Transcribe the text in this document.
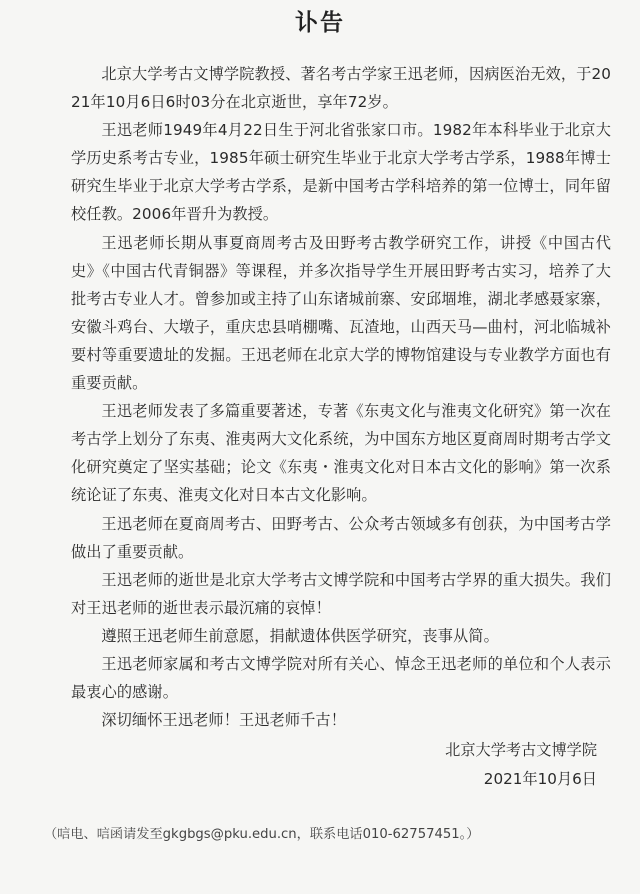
讣告

北京大学考古文博学院教授、著名考古学家王迅老师，因病医治无效，于2021年10月6日6时03分在北京逝世，享年72岁。

王迅老师1949年4月22日生于河北省张家口市。1982年本科毕业于北京大学历史系考古专业，1985年硕士研究生毕业于北京大学考古学系，1988年博士研究生毕业于北京大学考古学系，是新中国考古学科培养的第一位博士，同年留校任教。2006年晋升为教授。

王迅老师长期从事夏商周考古及田野考古教学研究工作，讲授《中国古代史》《中国古代青铜器》等课程，并多次指导学生开展田野考古实习，培养了大批考古专业人才。曾参加或主持了山东诸城前寨、安邱堌堆，湖北孝感聂家寨，安徽斗鸡台、大墩子，重庆忠县哨棚嘴、瓦渣地，山西天马—曲村，河北临城补要村等重要遗址的发掘。王迅老师在北京大学的博物馆建设与专业教学方面也有重要贡献。

王迅老师发表了多篇重要著述，专著《东夷文化与淮夷文化研究》第一次在考古学上划分了东夷、淮夷两大文化系统，为中国东方地区夏商周时期考古学文化研究奠定了坚实基础；论文《东夷・淮夷文化对日本古文化的影响》第一次系统论证了东夷、淮夷文化对日本古文化影响。

王迅老师在夏商周考古、田野考古、公众考古领域多有创获，为中国考古学做出了重要贡献。

王迅老师的逝世是北京大学考古文博学院和中国考古学界的重大损失。我们对王迅老师的逝世表示最沉痛的哀悼！

遵照王迅老师生前意愿，捐献遗体供医学研究，丧事从简。

王迅老师家属和考古文博学院对所有关心、悼念王迅老师的单位和个人表示最衷心的感谢。

深切缅怀王迅老师！王迅老师千古！

北京大学考古文博学院
2021年10月6日
（唁电、唁函请发至gkgbgs@pku.edu.cn，联系电话010-62757451。）
